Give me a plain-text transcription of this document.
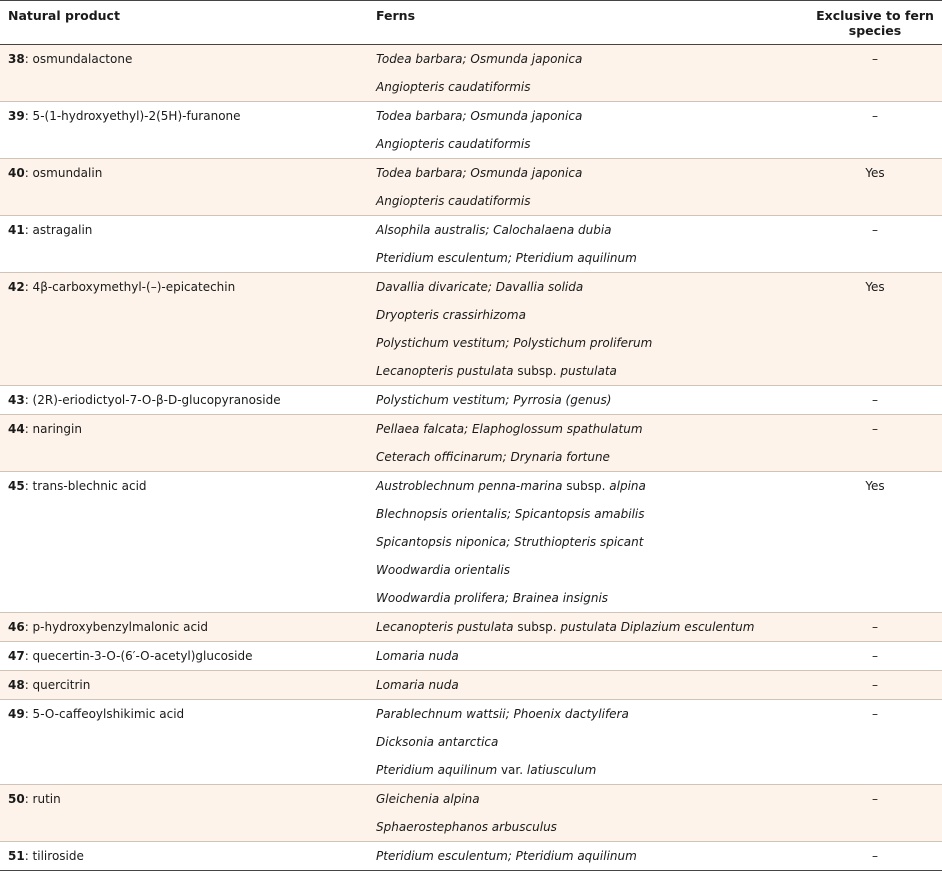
Natural product	Ferns	Exclusive to fern
species

38: osmundalactone	Todea barbara; Osmunda japonica
Angiopteris caudatiformis	–

39: 5-(1-hydroxyethyl)-2(5H)-furanone	Todea barbara; Osmunda japonica
Angiopteris caudatiformis	–

40: osmundalin	Todea barbara; Osmunda japonica
Angiopteris caudatiformis	Yes

41: astragalin	Alsophila australis; Calochalaena dubia
Pteridium esculentum; Pteridium aquilinum	–

42: 4β-carboxymethyl-(–)-epicatechin	Davallia divaricate; Davallia solida
Dryopteris crassirhizoma
Polystichum vestitum; Polystichum proliferum
Lecanopteris pustulata subsp. pustulata	Yes

43: (2R)-eriodictyol-7-O-β-D-glucopyranoside	Polystichum vestitum; Pyrrosia (genus)	–

44: naringin	Pellaea falcata; Elaphoglossum spathulatum
Ceterach officinarum; Drynaria fortune	–

45: trans-blechnic acid	Austroblechnum penna-marina subsp. alpina
Blechnopsis orientalis; Spicantopsis amabilis
Spicantopsis niponica; Struthiopteris spicant
Woodwardia orientalis
Woodwardia prolifera; Brainea insignis	Yes

46: p-hydroxybenzylmalonic acid	Lecanopteris pustulata subsp. pustulata Diplazium esculentum	–

47: quecertin-3-O-(6′-O-acetyl)glucoside	Lomaria nuda	–

48: quercitrin	Lomaria nuda	–

49: 5-O-caffeoylshikimic acid	Parablechnum wattsii; Phoenix dactylifera
Dicksonia antarctica
Pteridium aquilinum var. latiusculum	–

50: rutin	Gleichenia alpina
Sphaerostephanos arbusculus	–

51: tiliroside	Pteridium esculentum; Pteridium aquilinum	–
